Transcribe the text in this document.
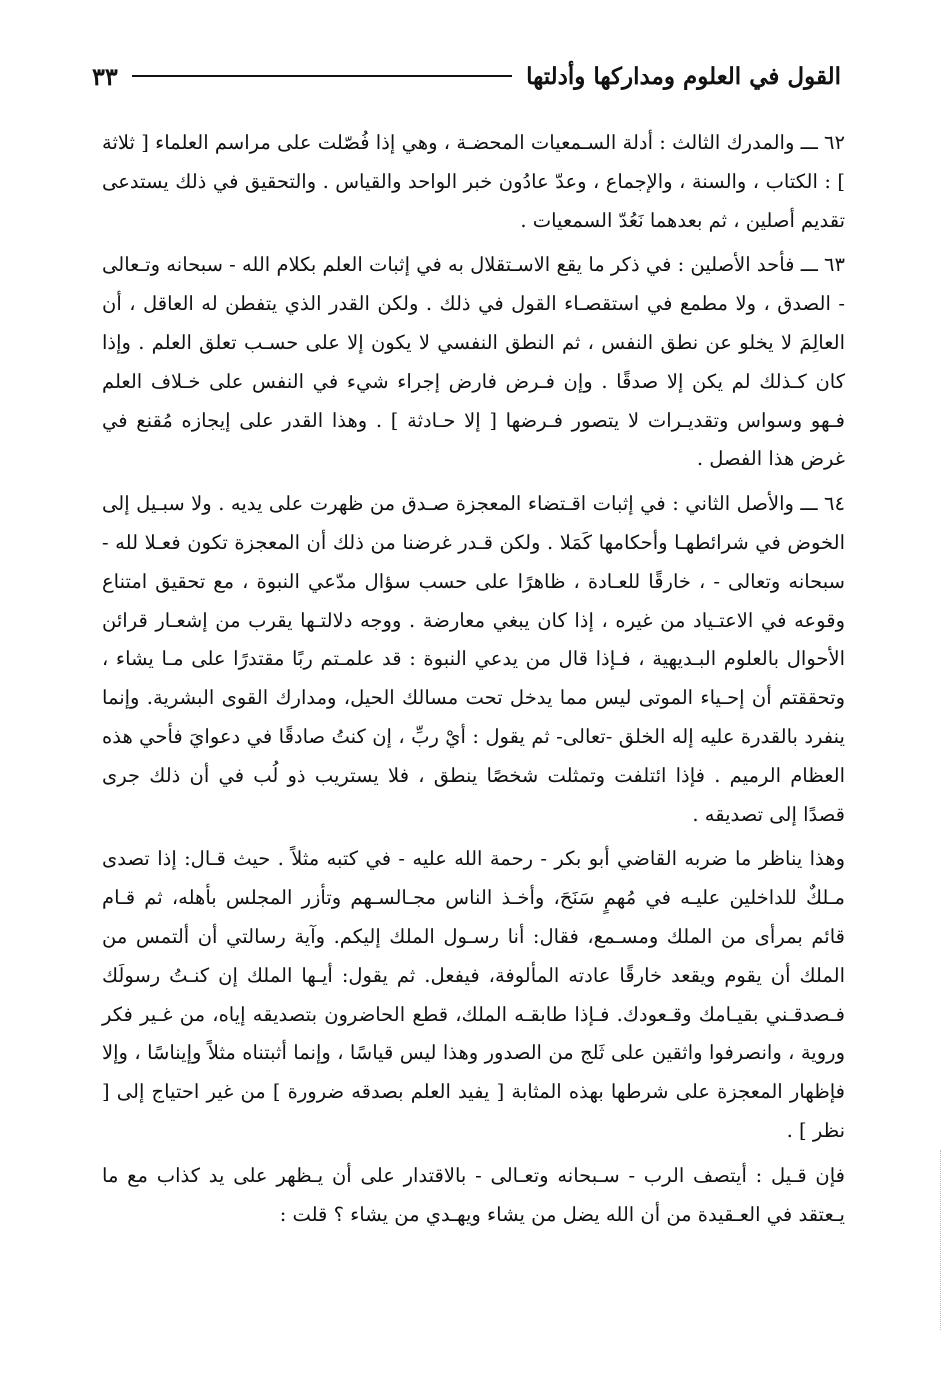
القول في العلوم ومداركها وأدلتها
٣٣

٦٢ ـــ والمدرك الثالث : أدلة السـمعيات المحضـة ، وهي إذا فُصّلت على مراسم العلماء [ ثلاثة ] : الكتاب ، والسنة ، والإجماع ، وعدّ عادُون خبر الواحد والقياس . والتحقيق في ذلك يستدعى تقديم أصلين ، ثم بعدهما نَعُدّ السمعيات .

٦٣ ـــ فأحد الأصلين : في ذكر ما يقع الاسـتقلال به في إثبات العلم بكلام الله - سبحانه وتـعالى - الصدق ، ولا مطمع في استقصـاء القول في ذلك . ولكن القدر الذي يتفطن له العاقل ، أن العالِمَ لا يخلو عن نطق النفس ، ثم النطق النفسي لا يكون إلا على حسـب تعلق العلم . وإذا كان كـذلك لم يكن إلا صدقًا . وإن فـرض فارض إجراء شيء في النفس على خـلاف العلم فـهو وسواس وتقديـرات لا يتصور فـرضها [ إلا حـادثة ] . وهذا القدر على إيجازه مُقنع في غرض هذا الفصل .

٦٤ ـــ والأصل الثاني : في إثبات اقـتضاء المعجزة صـدق من ظهرت على يديه . ولا سبـيل إلى الخوض في شرائطهـا وأحكامها كَمَلا . ولكن قـدر غرضنا من ذلك أن المعجزة تكون فعـلا لله - سبحانه وتعالى - ، خارقًا للعـادة ، ظاهرًا على حسب سؤال مدّعي النبوة ، مع تحقيق امتناع وقوعه في الاعتـياد من غيره ، إذا كان يبغي معارضة . ووجه دلالتـها يقرب من إشعـار قرائن الأحوال بالعلوم البـديهية ، فـإذا قال من يدعي النبوة : قد علمـتم ربًا مقتدرًا على مـا يشاء ، وتحققتم أن إحـياء الموتى ليس مما يدخل تحت مسالك الحيل، ومدارك القوى البشرية. وإنما ينفرد بالقدرة عليه إله الخلق -تعالى- ثم يقول : أيْ ربِّ ، إن كنتُ صادقًا في دعوايَ فأحي هذه العظام الرميم . فإذا ائتلفت وتمثلت شخصًا ينطق ، فلا يستريب ذو لُب في أن ذلك جرى قصدًا إلى تصديقه .

وهذا يناظر ما ضربه القاضي أبو بكر - رحمة الله عليه - في كتبه مثلاً . حيث قـال: إذا تصدى مـلكٌ للداخلين عليـه في مُهمٍ سَنَحَ، وأخـذ الناس مجـالسـهم وتأزر المجلس بأهله، ثم قـام قائم بمرأى من الملك ومسـمع، فقال: أنا رسـول الملك إليكم. وآية رسالتي أن ألتمس من الملك أن يقوم ويقعد خارقًا عادته المألوفة، فيفعل. ثم يقول: أيـها الملك إن كنـتُ رسولَك فـصدقـني بقيـامك وقـعودك. فـإذا طابقـه الملك، قطع الحاضرون بتصديقه إياه، من غـير فكر وروية ، وانصرفوا واثقين على ثَلج من الصدور وهذا ليس قياسًا ، وإنما أثبتناه مثلاً وإيناسًا ، وإلا فإظهار المعجزة على شرطها بهذه المثابة [ يفيد العلم بصدقه ضرورة ] من غير احتياج إلى [ نظر ] .

فإن قـيل : أيتصف الرب - سـبحانه وتعـالى - بالاقتدار على أن يـظهر على يد كذاب مع ما يـعتقد في العـقيدة من أن الله يضل من يشاء ويهـدي من يشاء ؟ قلت :
